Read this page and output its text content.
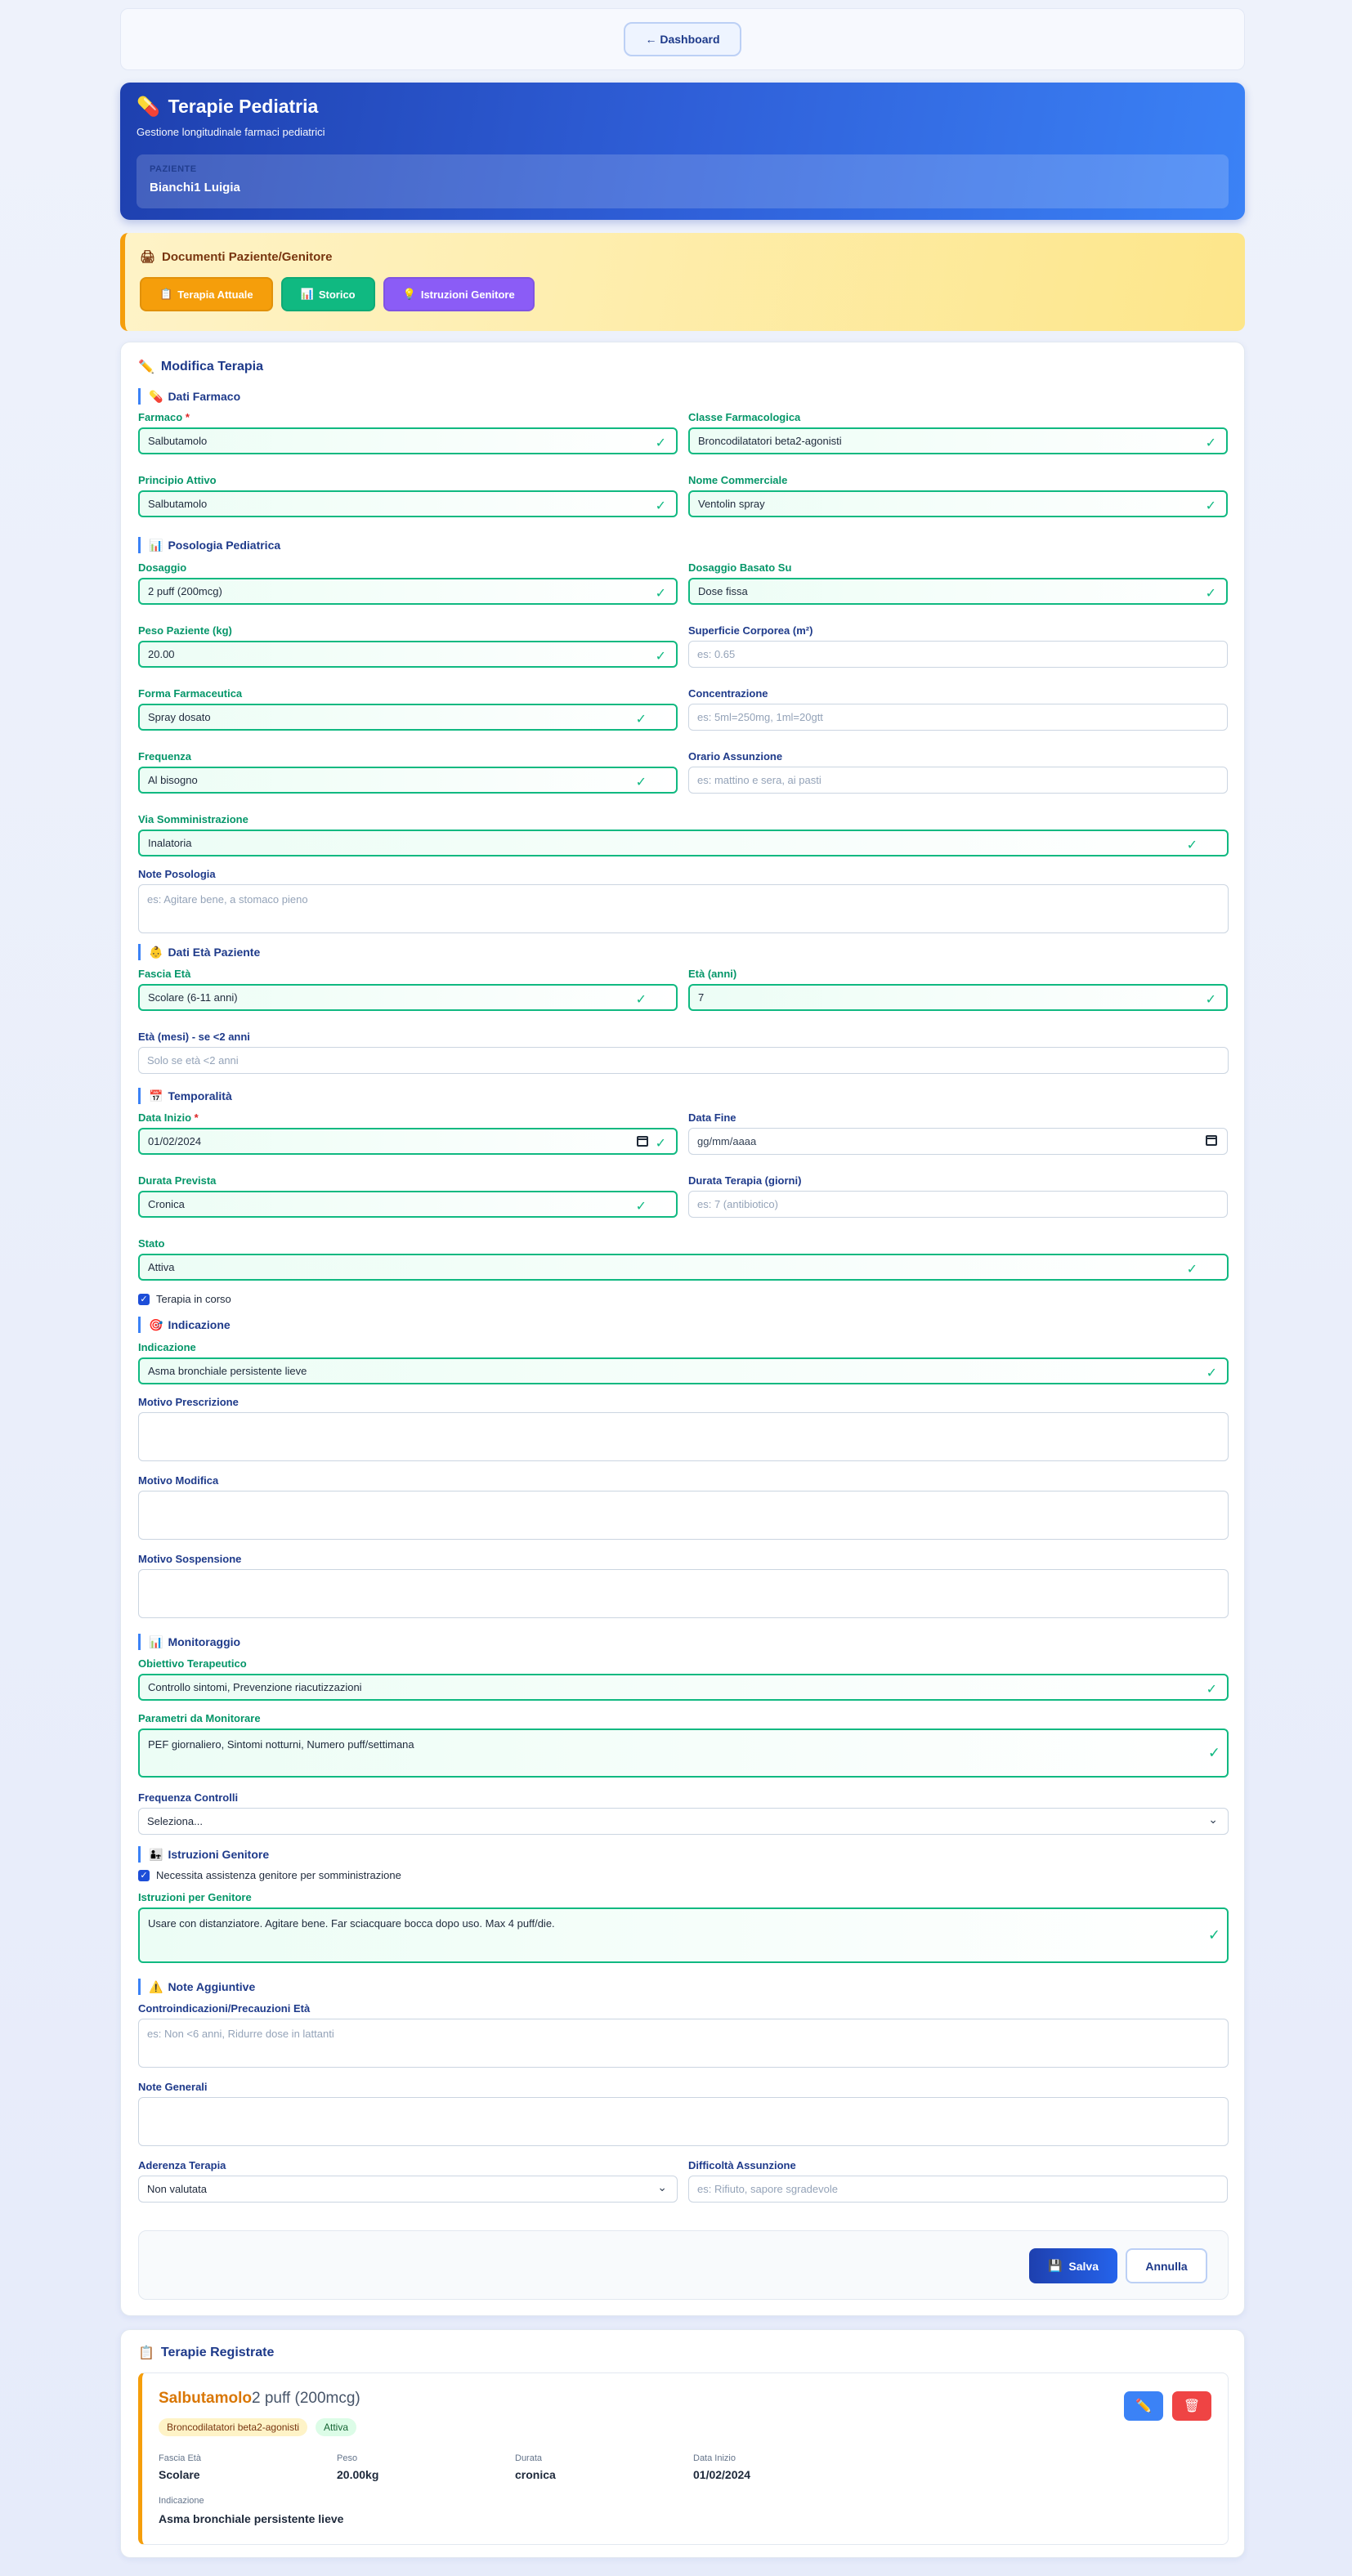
← Dashboard
💊 Terapie Pediatria
Gestione longitudinale farmaci pediatrici
PAZIENTE
Bianchi1 Luigia
🖨 Documenti Paziente/Genitore
📋 Terapia Attuale	📊 Storico	💡 Istruzioni Genitore
✏️ Modifica Terapia
💊 Dati Farmaco
Farmaco *
Salbutamolo	✓
Classe Farmacologica
Broncodilatatori beta2-agonisti	✓
Principio Attivo
Salbutamolo	✓
Nome Commerciale
Ventolin spray	✓
📊 Posologia Pediatrica
Dosaggio
2 puff (200mcg)	✓
Dosaggio Basato Su
Dose fissa	✓
Peso Paziente (kg)
20.00	✓
Superficie Corporea (m²)
es: 0.65
Forma Farmaceutica
Spray dosato	✓
Concentrazione
es: 5ml=250mg, 1ml=20gtt
Frequenza
Al bisogno	✓
Orario Assunzione
es: mattino e sera, ai pasti
Via Somministrazione
Inalatoria	✓
Note Posologia
es: Agitare bene, a stomaco pieno
👶 Dati Età Paziente
Fascia Età
Scolare (6-11 anni)	✓
Età (anni)
7	✓
Età (mesi) - se <2 anni
Solo se età <2 anni
📅 Temporalità
Data Inizio *
01/02/2024	✓
Data Fine
gg/mm/aaaa
Durata Prevista
Cronica	✓
Durata Terapia (giorni)
es: 7 (antibiotico)
Stato
Attiva	✓
✓ Terapia in corso
🎯 Indicazione
Indicazione
Asma bronchiale persistente lieve	✓
Motivo Prescrizione
Motivo Modifica
Motivo Sospensione
📊 Monitoraggio
Obiettivo Terapeutico
Controllo sintomi, Prevenzione riacutizzazioni	✓
Parametri da Monitorare
PEF giornaliero, Sintomi notturni, Numero puff/settimana	✓
Frequenza Controlli
Seleziona...	⌄
👨‍👧 Istruzioni Genitore
✓ Necessita assistenza genitore per somministrazione
Istruzioni per Genitore
Usare con distanziatore. Agitare bene. Far sciacquare bocca dopo uso. Max 4 puff/die.
✓
⚠️ Note Aggiuntive
Controindicazioni/Precauzioni Età
es: Non <6 anni, Ridurre dose in lattanti
Note Generali
Aderenza Terapia
Non valutata	⌄
Difficoltà Assunzione
es: Rifiuto, sapore sgradevole
💾 Salva	Annulla
📋 Terapie Registrate
Salbutamolo2 puff (200mcg)
Broncodilatatori beta2-agonisti	Attiva
✏️ 🗑
Fascia Età
Scolare
Peso
20.00kg
Durata
cronica
Data Inizio
01/02/2024
Indicazione
Asma bronchiale persistente lieve
